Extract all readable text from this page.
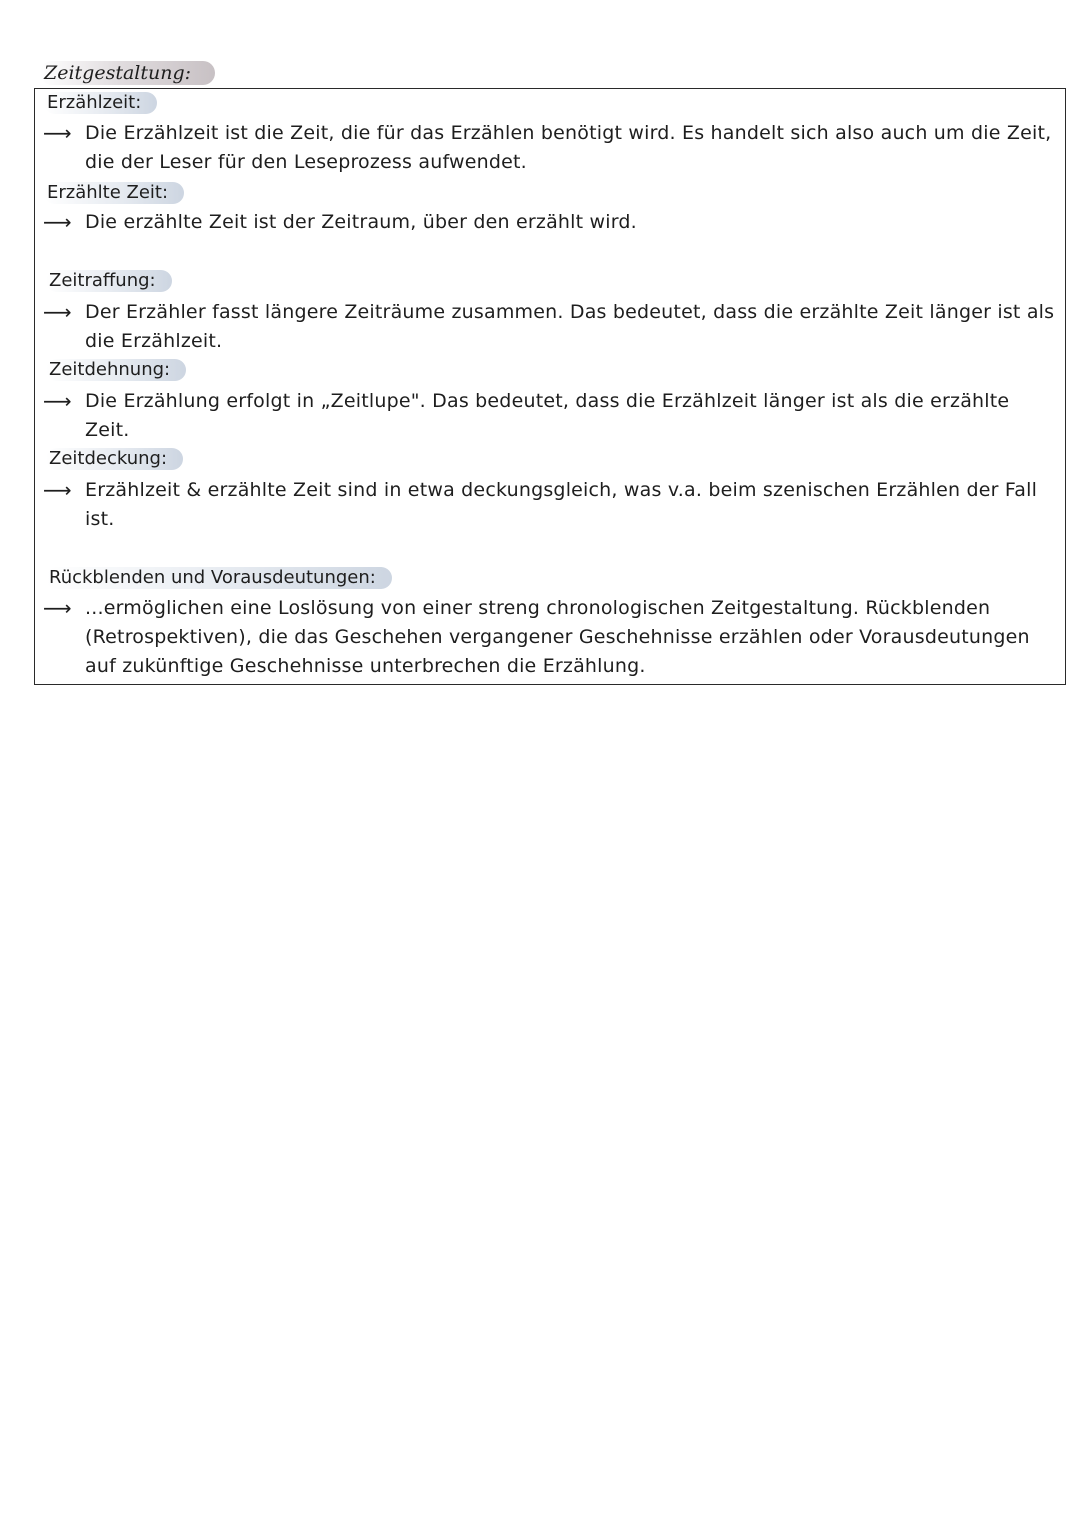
Zeitgestaltung:
Erzählzeit:
⟶ Die Erzählzeit ist die Zeit, die für das Erzählen benötigt wird. Es handelt sich also auch um die Zeit, die der Leser für den Leseprozess aufwendet.
Erzählte Zeit:
⟶ Die erzählte Zeit ist der Zeitraum, über den erzählt wird.
Zeitraffung:
⟶ Der Erzähler fasst längere Zeiträume zusammen. Das bedeutet, dass die erzählte Zeit länger ist als die Erzählzeit.
Zeitdehnung:
⟶ Die Erzählung erfolgt in „Zeitlupe". Das bedeutet, dass die Erzählzeit länger ist als die erzählte Zeit.
Zeitdeckung:
⟶ Erzählzeit & erzählte Zeit sind in etwa deckungsgleich, was v.a. beim szenischen Erzählen der Fall ist.
Rückblenden und Vorausdeutungen:
⟶ ...ermöglichen eine Loslösung von einer streng chronologischen Zeitgestaltung. Rückblenden (Retrospektiven), die das Geschehen vergangener Geschehnisse erzählen oder Vorausdeutungen auf zukünftige Geschehnisse unterbrechen die Erzählung.
